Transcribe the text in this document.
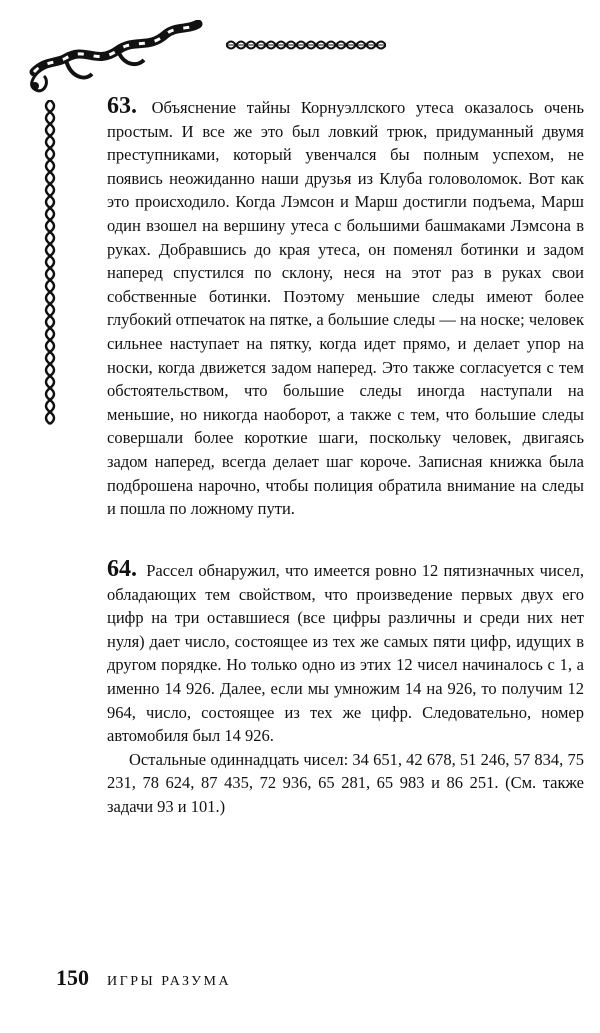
63. Объяснение тайны Корнуэллского утеса оказалось очень простым. И все же это был ловкий трюк, придуманный двумя преступниками, который увенчался бы полным успехом, не появись неожиданно наши друзья из Клуба головоломок. Вот как это происходило. Когда Лэмсон и Марш достигли подъема, Марш один взошел на вершину утеса с большими башмаками Лэмсона в руках. Добравшись до края утеса, он поменял ботинки и задом наперед спустился по склону, неся на этот раз в руках свои собственные ботинки. Поэтому меньшие следы имеют более глубокий отпечаток на пятке, а большие следы — на носке; человек сильнее наступает на пятку, когда идет прямо, и делает упор на носки, когда движется задом наперед. Это также согласуется с тем обстоятельством, что большие следы иногда наступали на меньшие, но никогда наоборот, а также с тем, что большие следы совершали более короткие шаги, поскольку человек, двигаясь задом наперед, всегда делает шаг короче. Записная книжка была подброшена нарочно, чтобы полиция обратила внимание на следы и пошла по ложному пути.

64. Рассел обнаружил, что имеется ровно 12 пятизначных чисел, обладающих тем свойством, что произведение первых двух его цифр на три оставшиеся (все цифры различны и среди них нет нуля) дает число, состоящее из тех же самых пяти цифр, идущих в другом порядке. Но только одно из этих 12 чисел начиналось с 1, а именно 14 926. Далее, если мы умножим 14 на 926, то получим 12 964, число, состоящее из тех же цифр. Следовательно, номер автомобиля был 14 926.

Остальные одиннадцать чисел: 34 651, 42 678, 51 246, 57 834, 75 231, 78 624, 87 435, 72 936, 65 281, 65 983 и 86 251. (См. также задачи 93 и 101.)

150 ИГРЫ РАЗУМА
